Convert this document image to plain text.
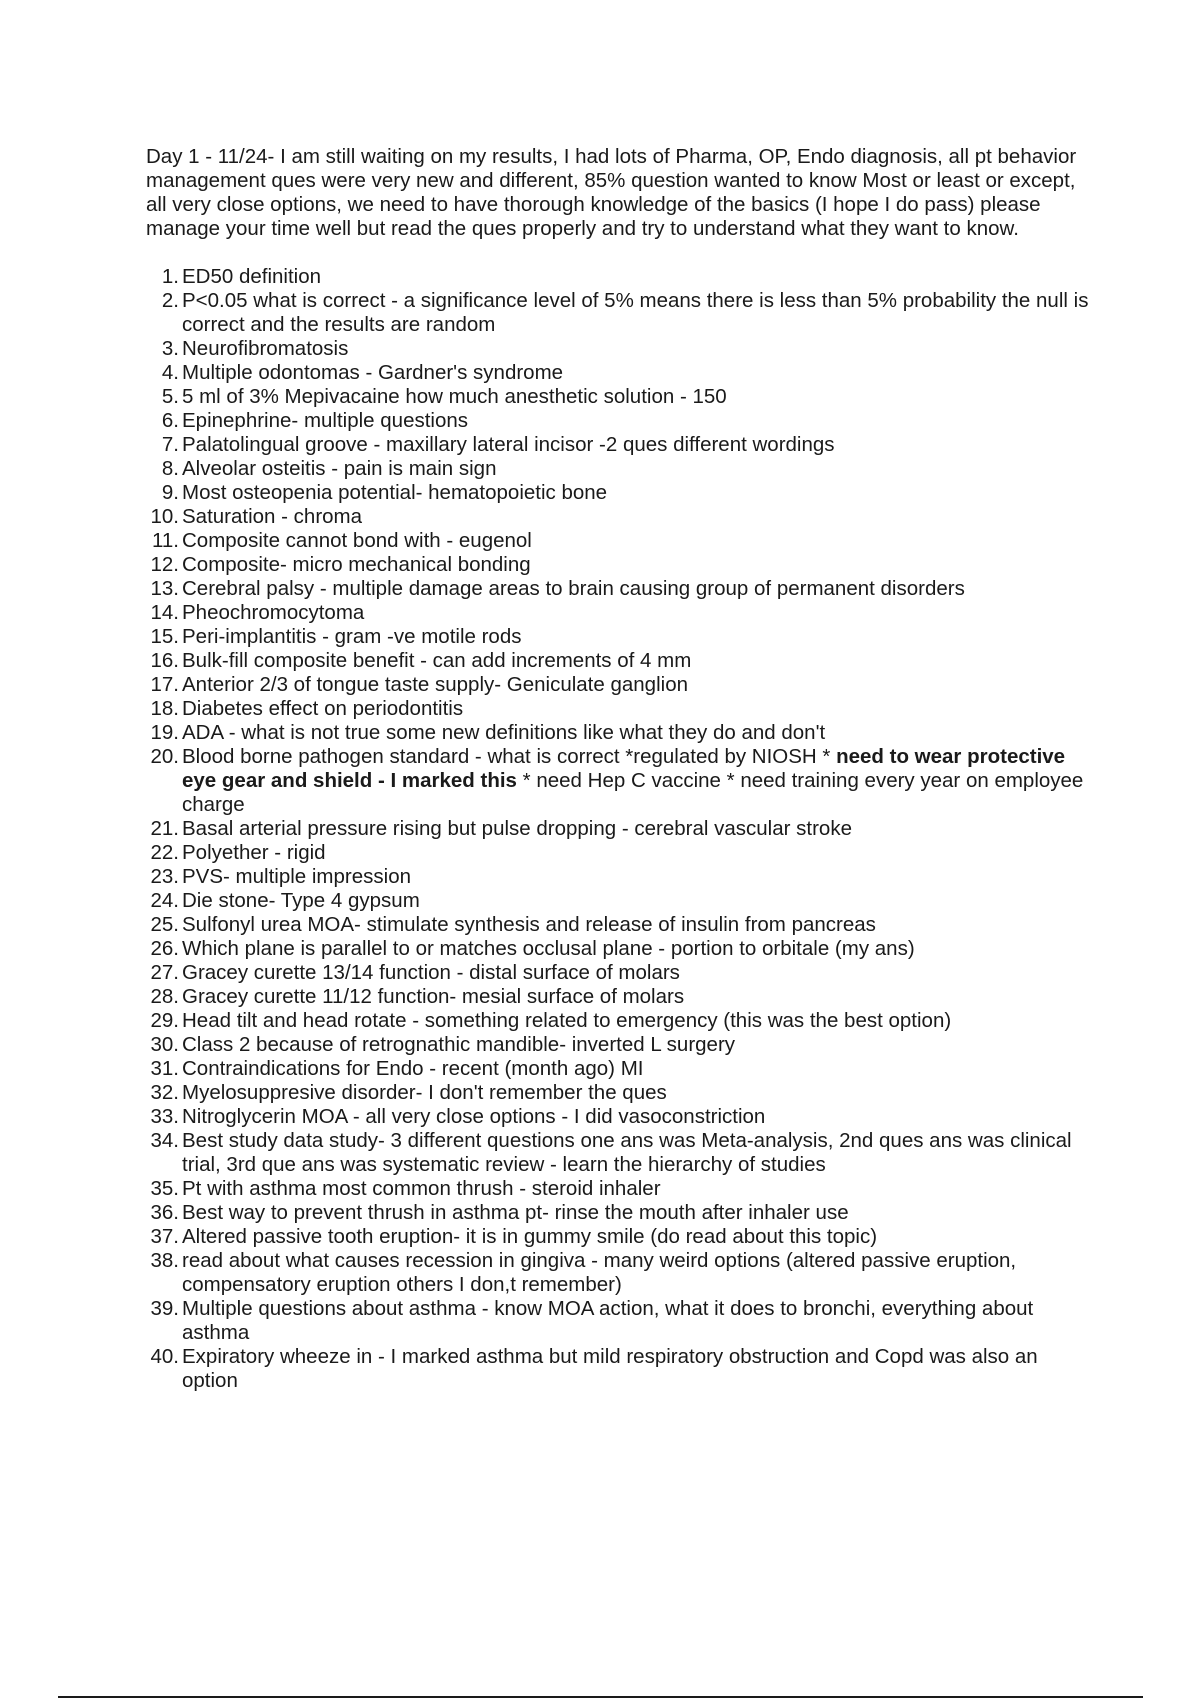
Day 1 - 11/24- I am still waiting on my results, I had lots of Pharma, OP, Endo diagnosis, all pt behavior management ques were very new and different, 85% question wanted to know Most or least or except, all very close options, we need to have thorough knowledge of the basics (I hope I do pass) please manage your time well but read the ques properly and try to understand what they want to know.

1. ED50 definition
2. P<0.05 what is correct - a significance level of 5% means there is less than 5% probability the null is correct and the results are random
3. Neurofibromatosis
4. Multiple odontomas - Gardner's syndrome
5. 5 ml of 3% Mepivacaine how much anesthetic solution - 150
6. Epinephrine- multiple questions
7. Palatolingual groove - maxillary lateral incisor -2 ques different wordings
8. Alveolar osteitis - pain is main sign
9. Most osteopenia potential- hematopoietic bone
10. Saturation - chroma
11. Composite cannot bond with - eugenol
12. Composite- micro mechanical bonding
13. Cerebral palsy - multiple damage areas to brain causing group of permanent disorders
14. Pheochromocytoma
15. Peri-implantitis - gram -ve motile rods
16. Bulk-fill composite benefit - can add increments of 4 mm
17. Anterior 2/3 of tongue taste supply- Geniculate ganglion
18. Diabetes effect on periodontitis
19. ADA - what is not true some new definitions like what they do and don't
20. Blood borne pathogen standard - what is correct *regulated by NIOSH * need to wear protective eye gear and shield - I marked this * need Hep C vaccine * need training every year on employee charge
21. Basal arterial pressure rising but pulse dropping - cerebral vascular stroke
22. Polyether - rigid
23. PVS- multiple impression
24. Die stone- Type 4 gypsum
25. Sulfonyl urea MOA- stimulate synthesis and release of insulin from pancreas
26. Which plane is parallel to or matches occlusal plane - portion to orbitale (my ans)
27. Gracey curette 13/14 function - distal surface of molars
28. Gracey curette 11/12 function- mesial surface of molars
29. Head tilt and head rotate - something related to emergency (this was the best option)
30. Class 2 because of retrognathic mandible- inverted L surgery
31. Contraindications for Endo - recent (month ago) MI
32. Myelosuppresive disorder- I don't remember the ques
33. Nitroglycerin MOA - all very close options - I did vasoconstriction
34. Best study data study- 3 different questions one ans was Meta-analysis, 2nd ques ans was clinical trial, 3rd que ans was systematic review - learn the hierarchy of studies
35. Pt with asthma most common thrush - steroid inhaler
36. Best way to prevent thrush in asthma pt- rinse the mouth after inhaler use
37. Altered passive tooth eruption- it is in gummy smile (do read about this topic)
38. read about what causes recession in gingiva - many weird options (altered passive eruption, compensatory eruption others I don,t remember)
39. Multiple questions about asthma - know MOA action, what it does to bronchi, everything about asthma
40. Expiratory wheeze in - I marked asthma but mild respiratory obstruction and Copd was also an option
